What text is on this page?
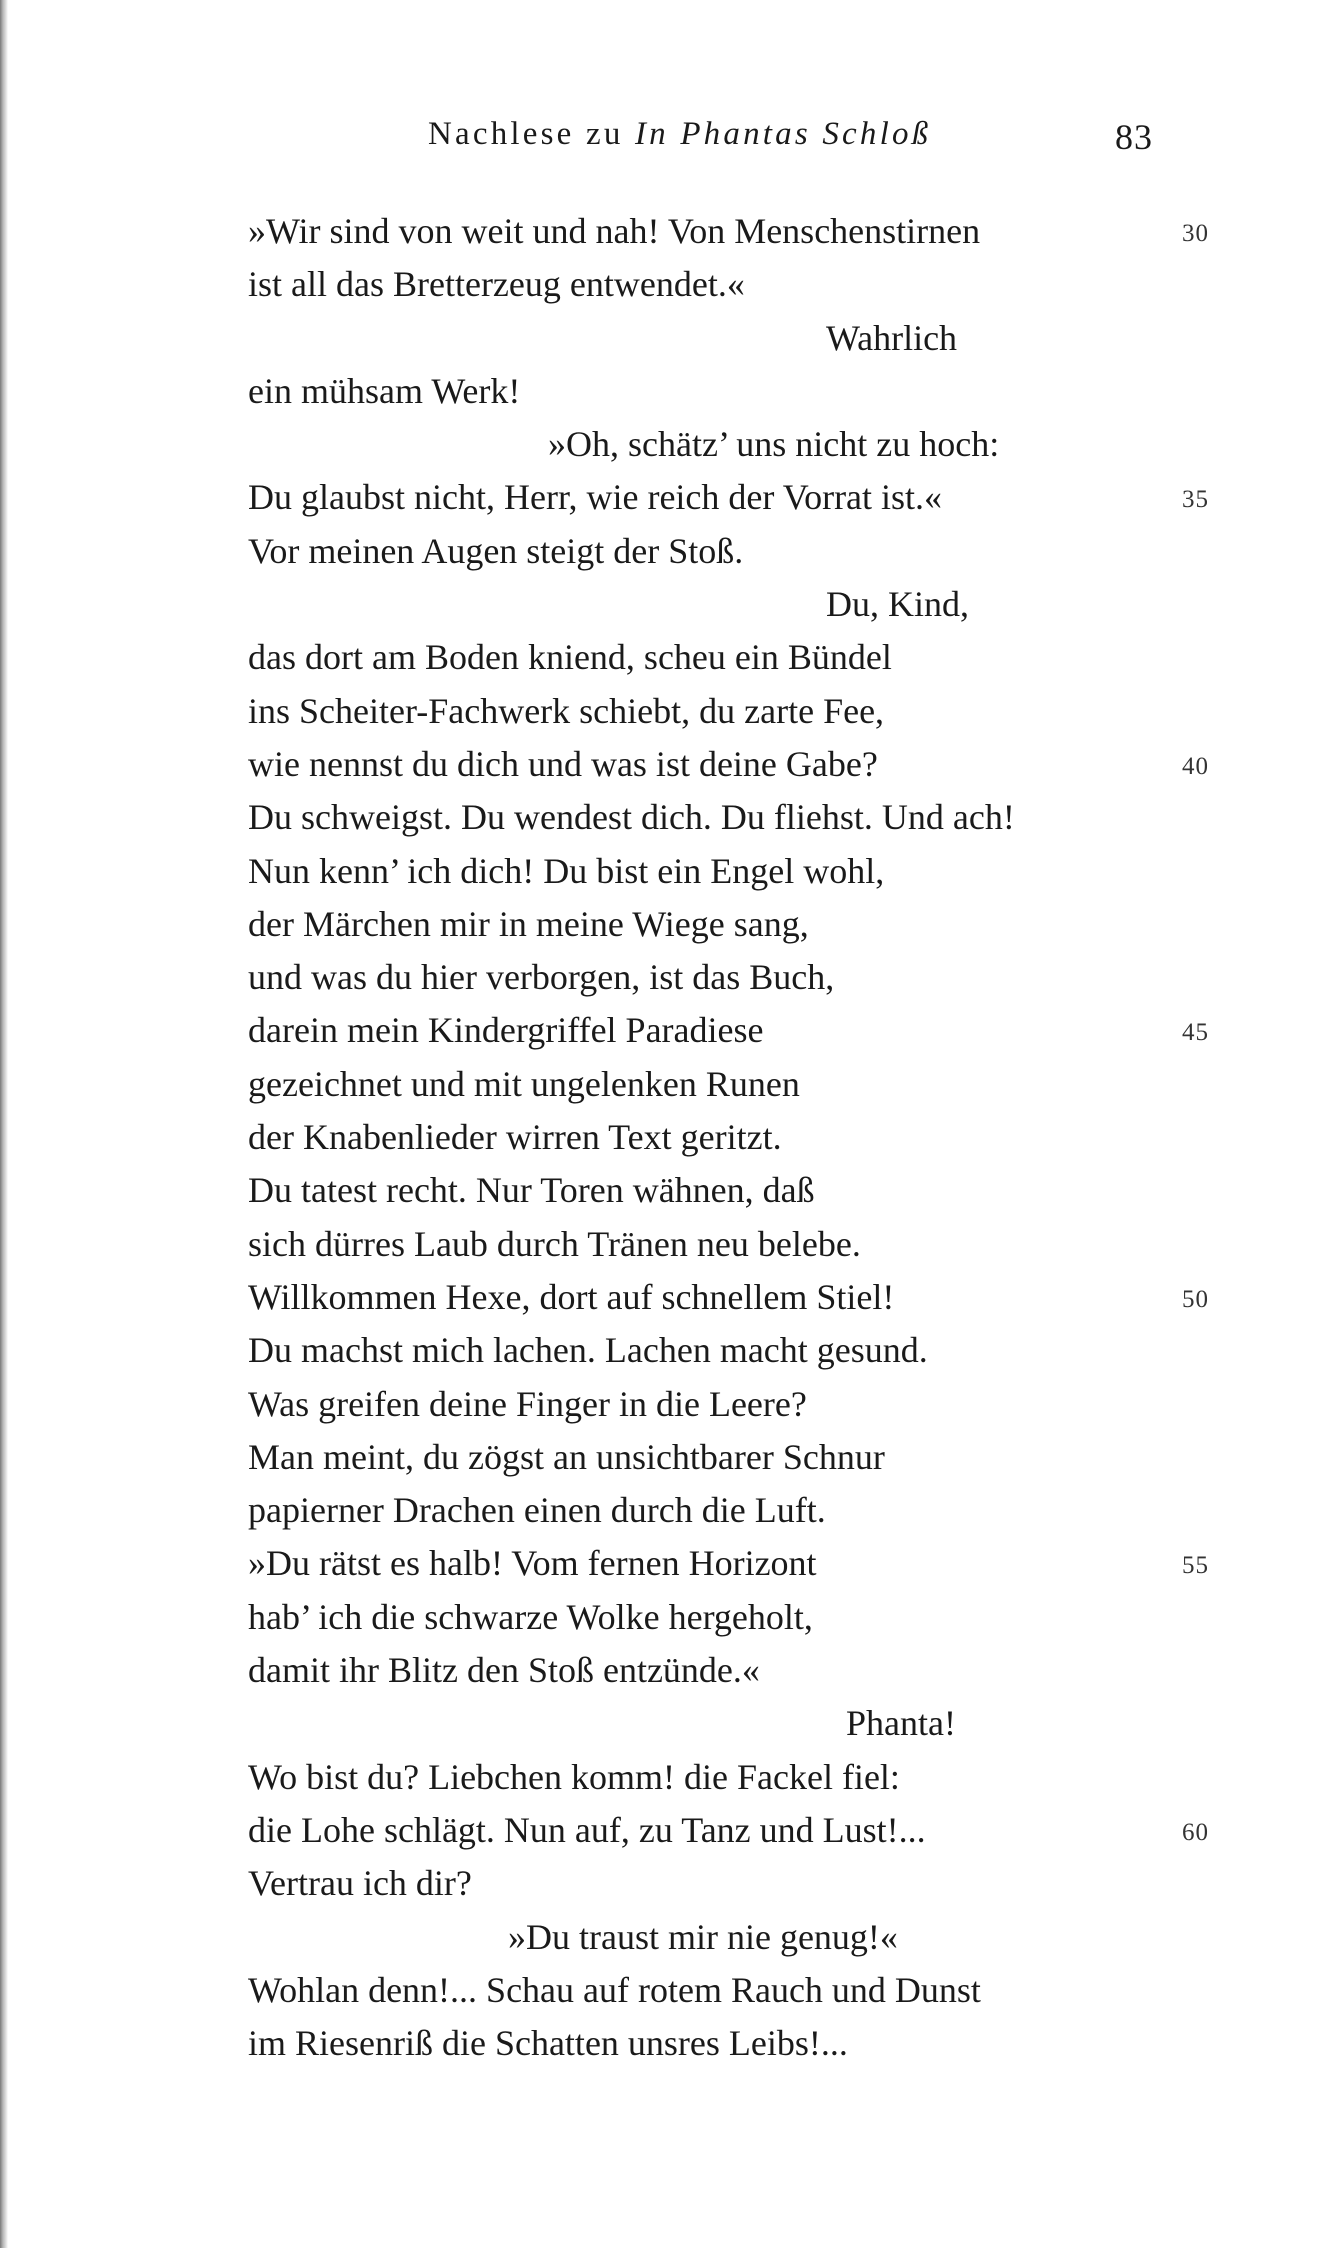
Nachlese zu In Phantas Schloß	83
»Wir sind von weit und nah! Von Menschenstirnen	30
ist all das Bretterzeug entwendet.«
Wahrlich
ein mühsam Werk!
»Oh, schätz’ uns nicht zu hoch:
Du glaubst nicht, Herr, wie reich der Vorrat ist.«	35
Vor meinen Augen steigt der Stoß.
Du, Kind,
das dort am Boden kniend, scheu ein Bündel
ins Scheiter-Fachwerk schiebt, du zarte Fee,
wie nennst du dich und was ist deine Gabe?	40
Du schweigst. Du wendest dich. Du fliehst. Und ach!
Nun kenn’ ich dich! Du bist ein Engel wohl,
der Märchen mir in meine Wiege sang,
und was du hier verborgen, ist das Buch,
darein mein Kindergriffel Paradiese	45
gezeichnet und mit ungelenken Runen
der Knabenlieder wirren Text geritzt.
Du tatest recht. Nur Toren wähnen, daß
sich dürres Laub durch Tränen neu belebe.
Willkommen Hexe, dort auf schnellem Stiel!	50
Du machst mich lachen. Lachen macht gesund.
Was greifen deine Finger in die Leere?
Man meint, du zögst an unsichtbarer Schnur
papierner Drachen einen durch die Luft.
»Du rätst es halb! Vom fernen Horizont	55
hab’ ich die schwarze Wolke hergeholt,
damit ihr Blitz den Stoß entzünde.«
Phanta!
Wo bist du? Liebchen komm! die Fackel fiel:
die Lohe schlägt. Nun auf, zu Tanz und Lust!...	60
Vertrau ich dir?
»Du traust mir nie genug!«
Wohlan denn!... Schau auf rotem Rauch und Dunst
im Riesenriß die Schatten unsres Leibs!...
